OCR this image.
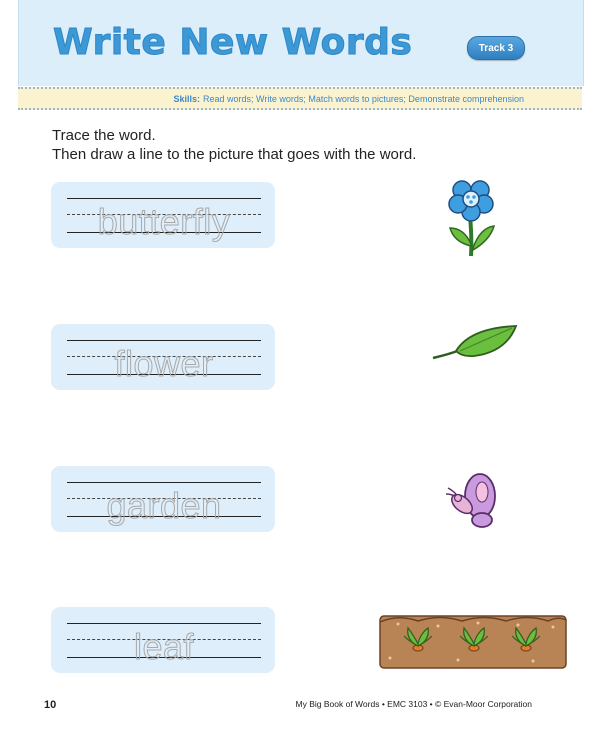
Write New Words	Track 3
Skills: Read words; Write words; Match words to pictures; Demonstrate comprehension
Trace the word.
Then draw a line to the picture that goes with the word.
butterfly
flower
garden
leaf
10	My Big Book of Words • EMC 3103 • © Evan-Moor Corporation
